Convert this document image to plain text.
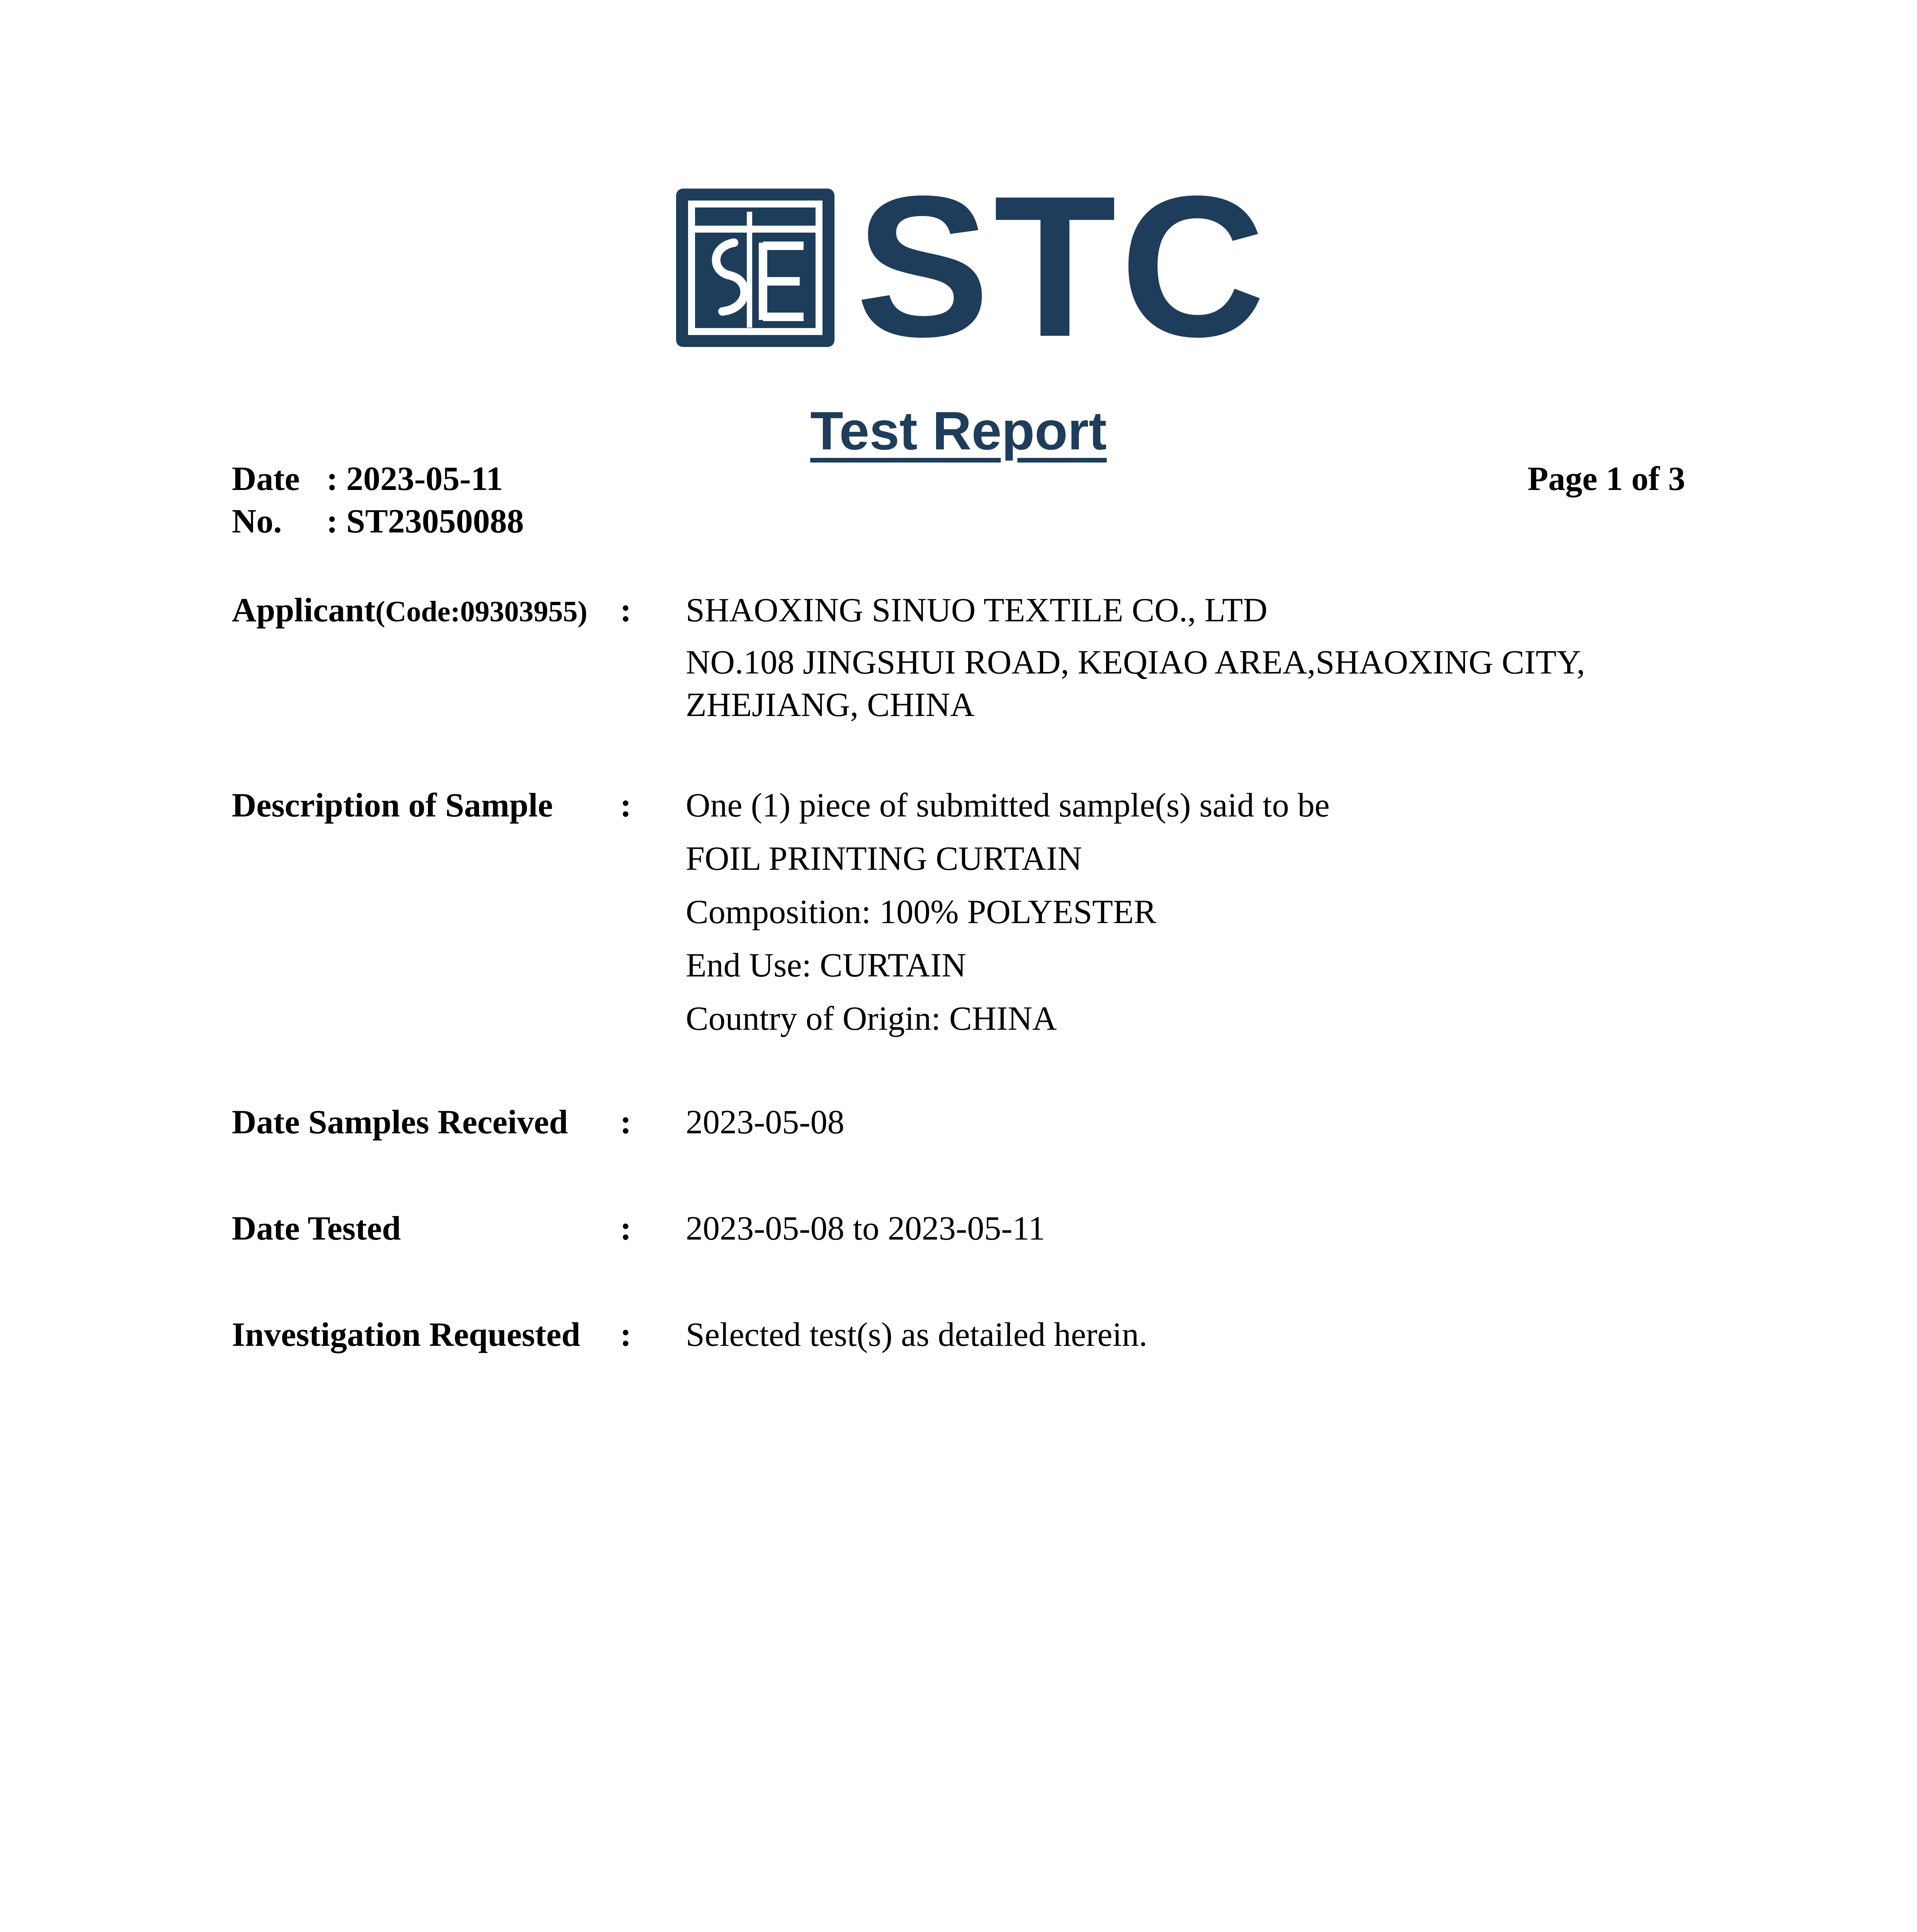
STC
Test Report
Date : 2023-05-11
No. : ST23050088
Page 1 of 3
Applicant(Code:09303955) : SHAOXING SINUO TEXTILE CO., LTD
NO.108 JINGSHUI ROAD, KEQIAO AREA,SHAOXING CITY,
ZHEJIANG, CHINA
Description of Sample : One (1) piece of submitted sample(s) said to be
FOIL PRINTING CURTAIN
Composition: 100% POLYESTER
End Use: CURTAIN
Country of Origin: CHINA
Date Samples Received : 2023-05-08
Date Tested	: 2023-05-08 to 2023-05-11
Investigation Requested : Selected test(s) as detailed herein.
